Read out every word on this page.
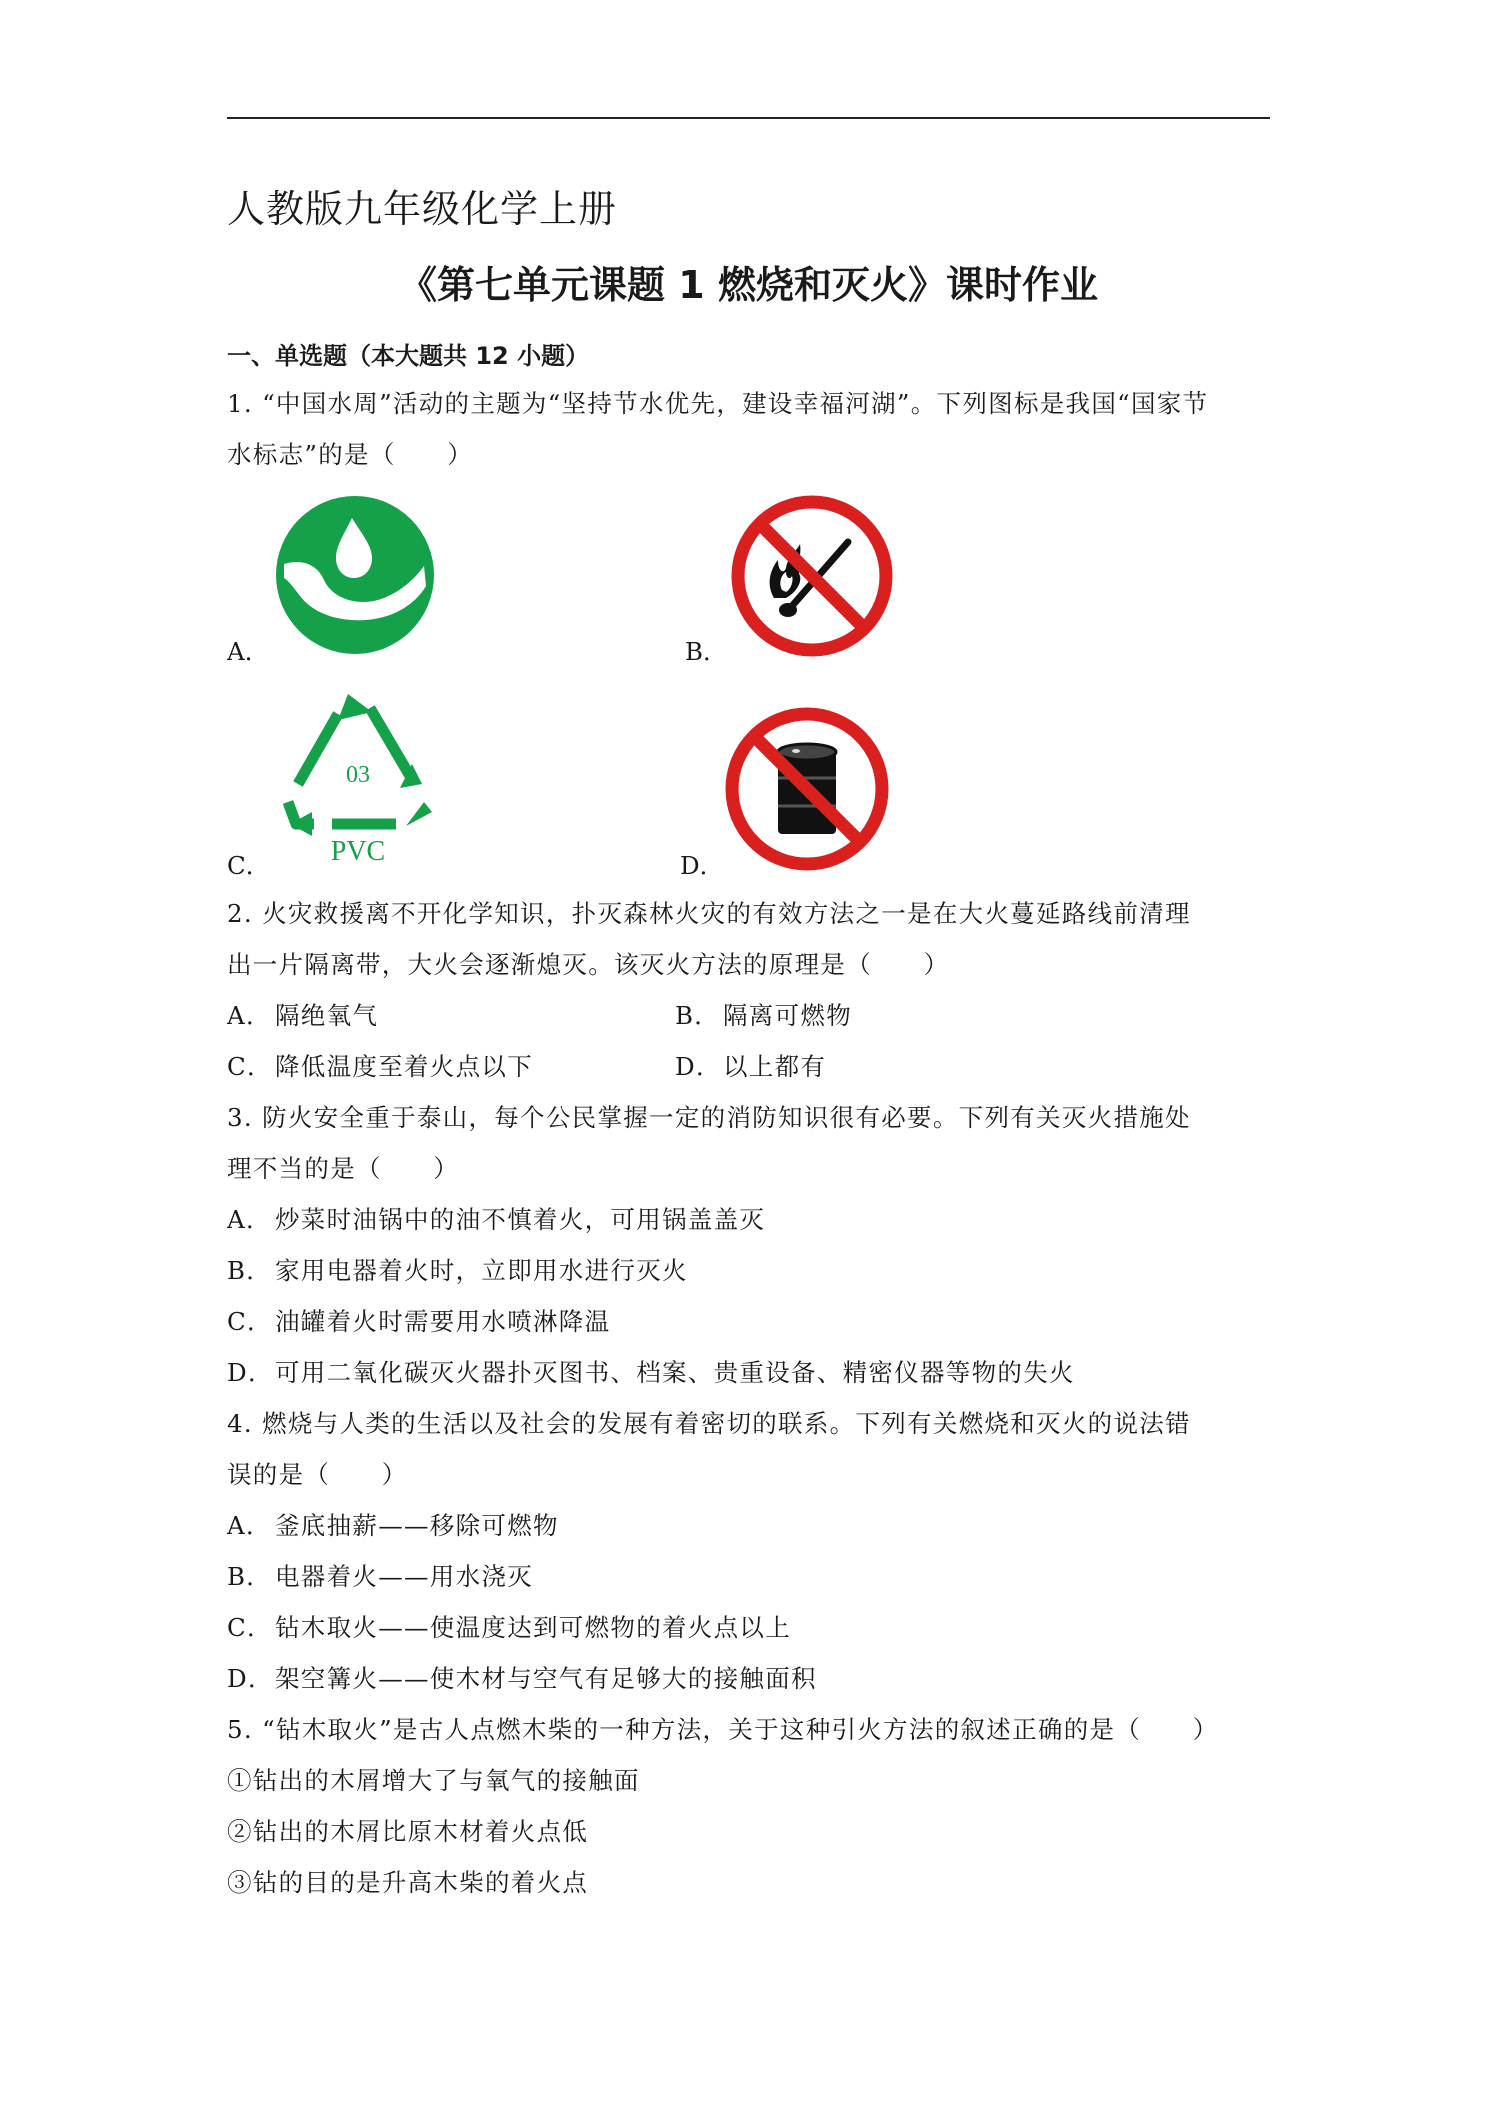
人教版九年级化学上册
《第七单元课题 1 燃烧和灭火》课时作业
一、单选题（本大题共 12 小题）
1. “中国水周”活动的主题为“坚持节水优先，建设幸福河湖”。下列图标是我国“国家节
水标志”的是（　　）
A．	B．
C．
03
PVC	D．
2. 火灾救援离不开化学知识，扑灭森林火灾的有效方法之一是在大火蔓延路线前清理
出一片隔离带，大火会逐渐熄灭。该灭火方法的原理是（　　）
A． 隔绝氧气	B． 隔离可燃物
C．降低温度至着火点以下	D．以上都有
3. 防火安全重于泰山，每个公民掌握一定的消防知识很有必要。下列有关灭火措施处
理不当的是（　　）
A． 炒菜时油锅中的油不慎着火，可用锅盖盖灭
B． 家用电器着火时，立即用水进行灭火
C．油罐着火时需要用水喷淋降温
D．可用二氧化碳灭火器扑灭图书、档案、贵重设备、精密仪器等物的失火
4. 燃烧与人类的生活以及社会的发展有着密切的联系。下列有关燃烧和灭火的说法错
误的是（　　）
A． 釜底抽薪——移除可燃物
B． 电器着火——用水浇灭
C．钻木取火——使温度达到可燃物的着火点以上
D．架空篝火——使木材与空气有足够大的接触面积
5. “钻木取火”是古人点燃木柴的一种方法，关于这种引火方法的叙述正确的是（　　）
①钻出的木屑增大了与氧气的接触面
②钻出的木屑比原木材着火点低
③钻的目的是升高木柴的着火点
